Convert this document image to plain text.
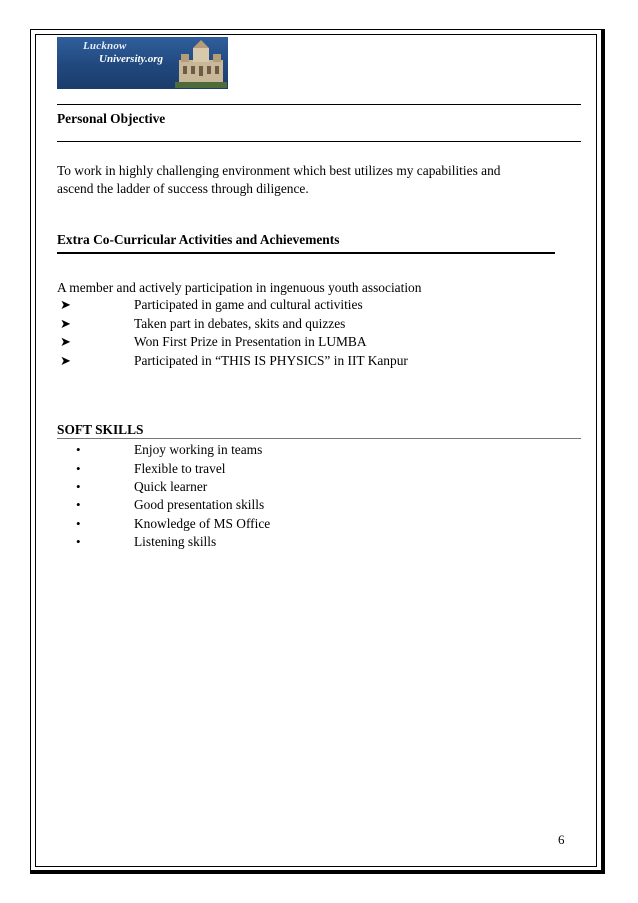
Lucknow
University.org
Personal Objective
To work in highly challenging environment which best utilizes my capabilities and
ascend the ladder of success through diligence.
Extra Co-Curricular Activities and Achievements
A member and actively participation in ingenuous youth association
➤	Participated in game and cultural activities
➤	Taken part in debates, skits and quizzes
➤	Won First Prize in Presentation in LUMBA
➤	Participated in “THIS IS PHYSICS” in IIT Kanpur
SOFT SKILLS
•	Enjoy working in teams
•	Flexible to travel
•	Quick learner
•	Good presentation skills
•	Knowledge of MS Office
•	Listening skills
6
